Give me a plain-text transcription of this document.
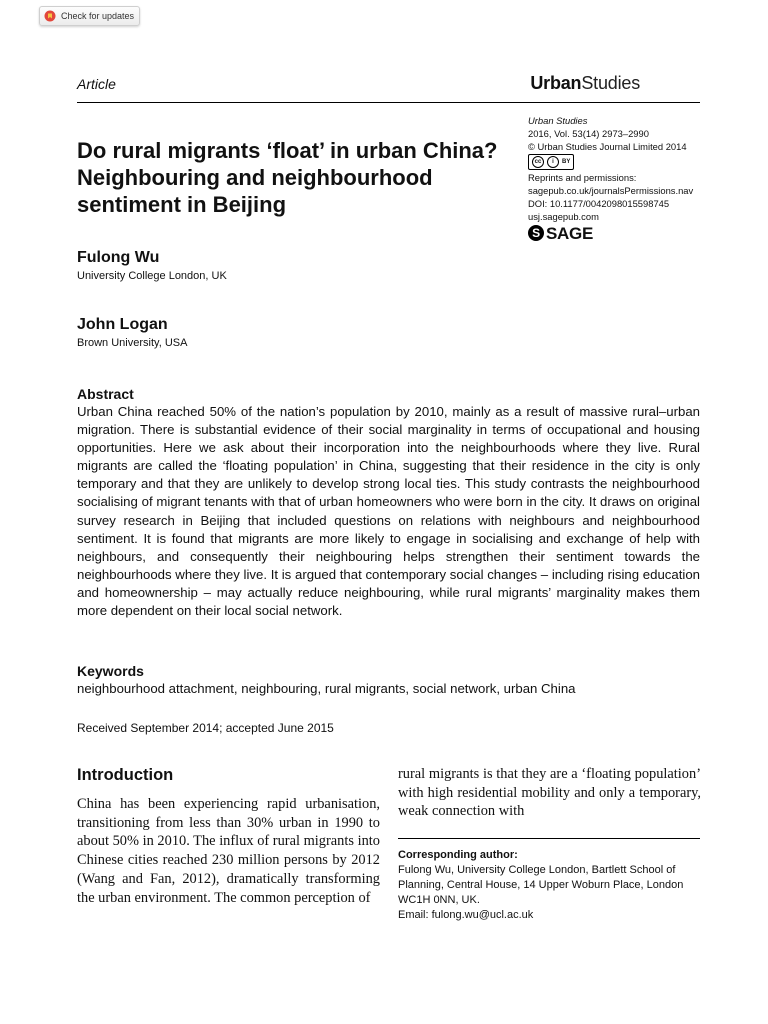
Check for updates
Article	UrbanStudies
Do rural migrants ‘float’ in urban China? Neighbouring and neighbourhood sentiment in Beijing
Urban Studies
2016, Vol. 53(14) 2973–2990
© Urban Studies Journal Limited 2014
cc	i	BY
Reprints and permissions:
sagepub.co.uk/journalsPermissions.nav
DOI: 10.1177/0042098015598745
usj.sagepub.com
S SAGE
Fulong Wu
University College London, UK
John Logan
Brown University, USA
Abstract
Urban China reached 50% of the nation’s population by 2010, mainly as a result of massive rural–urban migration. There is substantial evidence of their social marginality in terms of occupational and housing opportunities. Here we ask about their incorporation into the neighbourhoods where they live. Rural migrants are called the ‘floating population’ in China, suggesting that their residence in the city is only temporary and that they are unlikely to develop strong local ties. This study contrasts the neighbourhood socialising of migrant tenants with that of urban homeowners who were born in the city. It draws on original survey research in Beijing that included questions on relations with neighbours and neighbourhood sentiment. It is found that migrants are more likely to engage in socialising and exchange of help with neighbours, and consequently their neighbouring helps strengthen their sentiment towards the neighbourhoods where they live. It is argued that contemporary social changes – including rising education and homeownership – may actually reduce neighbouring, while rural migrants’ marginality makes them more dependent on their local social network.
Keywords
neighbourhood attachment, neighbouring, rural migrants, social network, urban China
Received September 2014; accepted June 2015
Introduction
China has been experiencing rapid urbanisation, transitioning from less than 30% urban in 1990 to about 50% in 2010. The influx of rural migrants into Chinese cities reached 230 million persons by 2012 (Wang and Fan, 2012), dramatically transforming the urban environment. The common perception of
rural migrants is that they are a ‘floating population’ with high residential mobility and only a temporary, weak connection with
Corresponding author:
Fulong Wu, University College London, Bartlett School of Planning, Central House, 14 Upper Woburn Place, London WC1H 0NN, UK.
Email: fulong.wu@ucl.ac.uk
